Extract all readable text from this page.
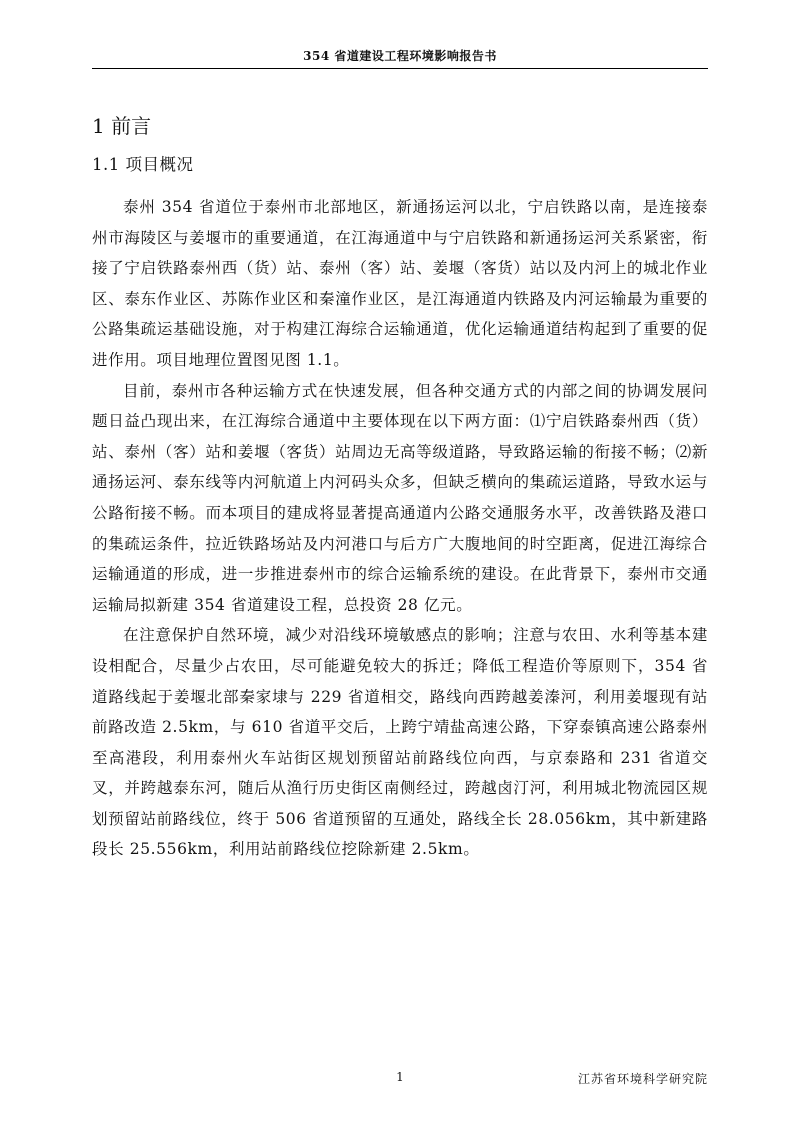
354 省道建设工程环境影响报告书
1 前言
1.1 项目概况

泰州 354 省道位于泰州市北部地区，新通扬运河以北，宁启铁路以南，是连接泰州市海陵区与姜堰市的重要通道，在江海通道中与宁启铁路和新通扬运河关系紧密，衔接了宁启铁路泰州西（货）站、泰州（客）站、姜堰（客货）站以及内河上的城北作业区、泰东作业区、苏陈作业区和秦潼作业区，是江海通道内铁路及内河运输最为重要的公路集疏运基础设施，对于构建江海综合运输通道，优化运输通道结构起到了重要的促进作用。项目地理位置图见图 1.1。

目前，泰州市各种运输方式在快速发展，但各种交通方式的内部之间的协调发展问题日益凸现出来，在江海综合通道中主要体现在以下两方面：⑴宁启铁路泰州西（货）站、泰州（客）站和姜堰（客货）站周边无高等级道路，导致路运输的衔接不畅；⑵新通扬运河、泰东线等内河航道上内河码头众多，但缺乏横向的集疏运道路，导致水运与公路衔接不畅。而本项目的建成将显著提高通道内公路交通服务水平，改善铁路及港口的集疏运条件，拉近铁路场站及内河港口与后方广大腹地间的时空距离，促进江海综合运输通道的形成，进一步推进泰州市的综合运输系统的建设。在此背景下，泰州市交通运输局拟新建 354 省道建设工程，总投资 28 亿元。

在注意保护自然环境，减少对沿线环境敏感点的影响；注意与农田、水利等基本建设相配合，尽量少占农田，尽可能避免较大的拆迁；降低工程造价等原则下，354 省道路线起于姜堰北部秦家埭与 229 省道相交，路线向西跨越姜溱河，利用姜堰现有站前路改造 2.5km，与 610 省道平交后，上跨宁靖盐高速公路，下穿泰镇高速公路泰州至高港段，利用泰州火车站街区规划预留站前路线位向西，与京泰路和 231 省道交叉，并跨越泰东河，随后从渔行历史街区南侧经过，跨越卤汀河，利用城北物流园区规划预留站前路线位，终于 506 省道预留的互通处，路线全长 28.056km，其中新建路段长 25.556km，利用站前路线位挖除新建 2.5km。

1	江苏省环境科学研究院
